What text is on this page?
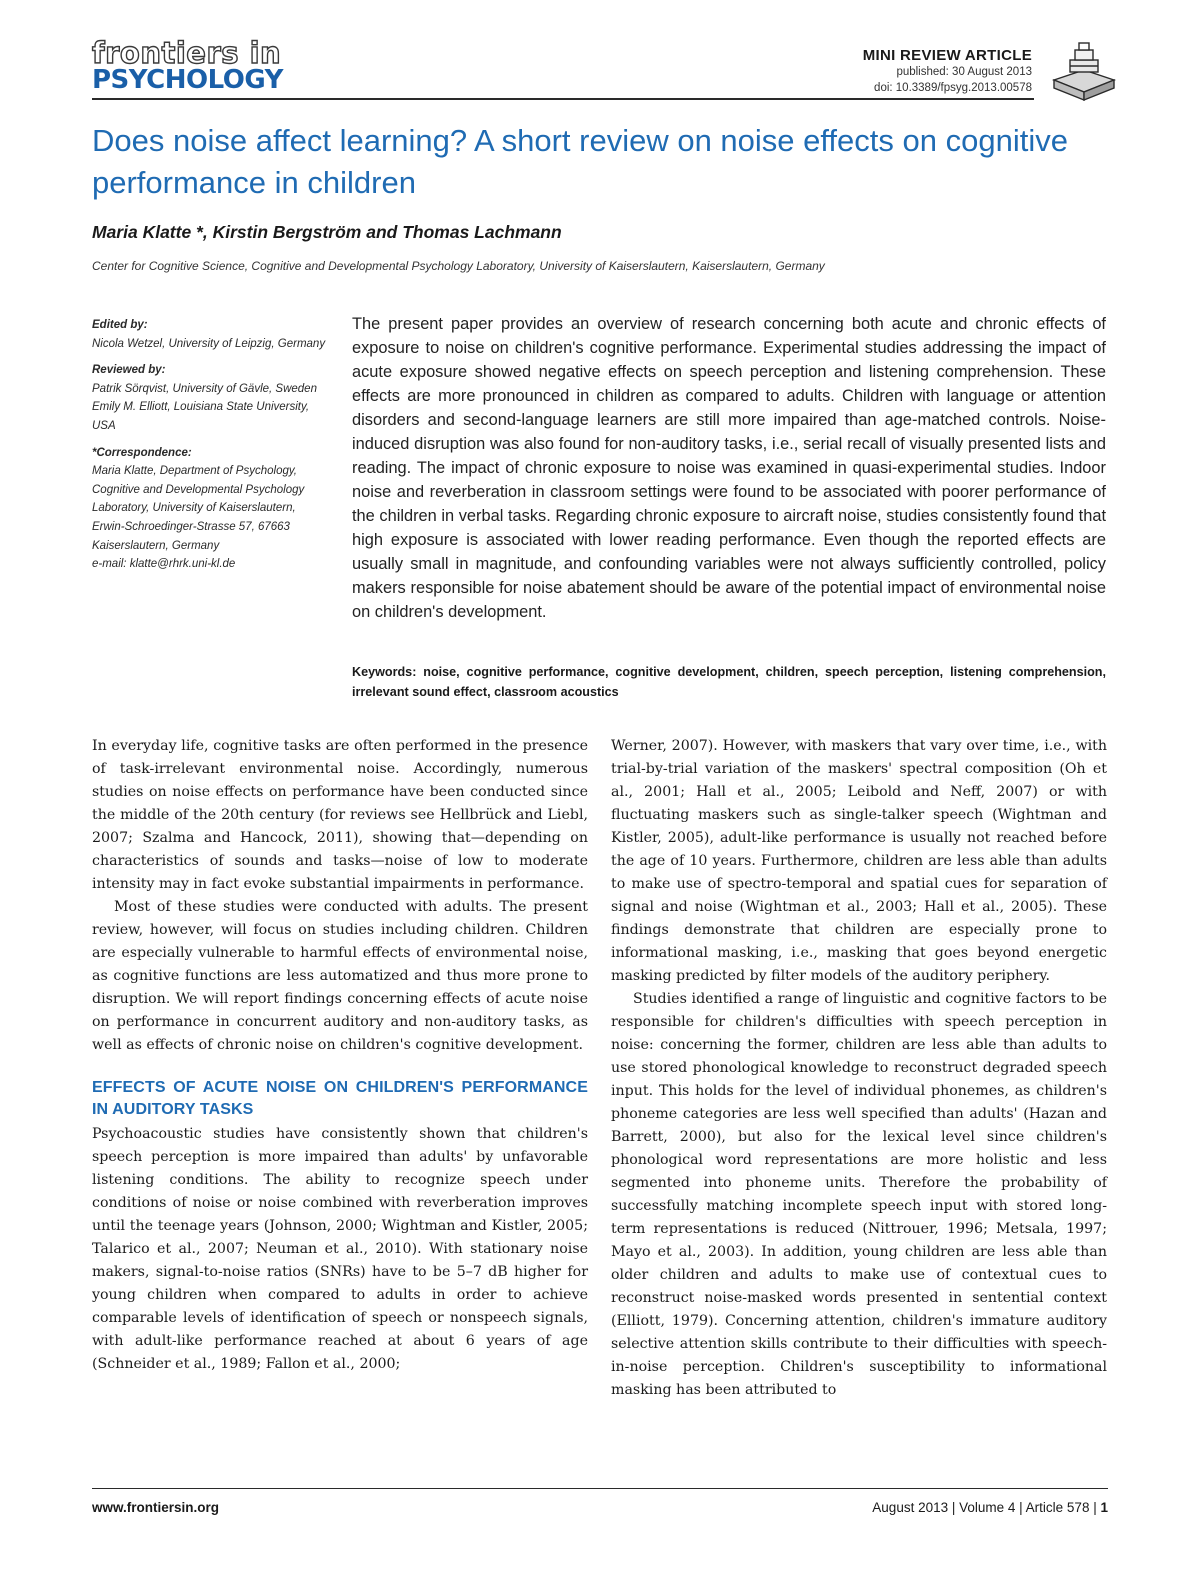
frontiers in
PSYCHOLOGY
MINI REVIEW ARTICLE
published: 30 August 2013
doi: 10.3389/fpsyg.2013.00578
Does noise affect learning? A short review on noise effects on cognitive performance in children
Maria Klatte *, Kirstin Bergström and Thomas Lachmann
Center for Cognitive Science, Cognitive and Developmental Psychology Laboratory, University of Kaiserslautern, Kaiserslautern, Germany
Edited by:
Nicola Wetzel, University of Leipzig, Germany
Reviewed by:
Patrik Sörqvist, University of Gävle, Sweden
Emily M. Elliott, Louisiana State University, USA
*Correspondence:
Maria Klatte, Department of Psychology, Cognitive and Developmental Psychology Laboratory, University of Kaiserslautern, Erwin-Schroedinger-Strasse 57, 67663 Kaiserslautern, Germany
e-mail: klatte@rhrk.uni-kl.de
The present paper provides an overview of research concerning both acute and chronic effects of exposure to noise on children's cognitive performance. Experimental studies addressing the impact of acute exposure showed negative effects on speech perception and listening comprehension. These effects are more pronounced in children as compared to adults. Children with language or attention disorders and second-language learners are still more impaired than age-matched controls. Noise-induced disruption was also found for non-auditory tasks, i.e., serial recall of visually presented lists and reading. The impact of chronic exposure to noise was examined in quasi-experimental studies. Indoor noise and reverberation in classroom settings were found to be associated with poorer performance of the children in verbal tasks. Regarding chronic exposure to aircraft noise, studies consistently found that high exposure is associated with lower reading performance. Even though the reported effects are usually small in magnitude, and confounding variables were not always sufficiently controlled, policy makers responsible for noise abatement should be aware of the potential impact of environmental noise on children's development.
Keywords: noise, cognitive performance, cognitive development, children, speech perception, listening comprehension, irrelevant sound effect, classroom acoustics

In everyday life, cognitive tasks are often performed in the presence of task-irrelevant environmental noise. Accordingly, numerous studies on noise effects on performance have been conducted since the middle of the 20th century (for reviews see Hellbrück and Liebl, 2007; Szalma and Hancock, 2011), showing that—depending on characteristics of sounds and tasks—noise of low to moderate intensity may in fact evoke substantial impairments in performance.

Most of these studies were conducted with adults. The present review, however, will focus on studies including children. Children are especially vulnerable to harmful effects of environmental noise, as cognitive functions are less automatized and thus more prone to disruption. We will report findings concerning effects of acute noise on performance in concurrent auditory and non-auditory tasks, as well as effects of chronic noise on children's cognitive development.

EFFECTS OF ACUTE NOISE ON CHILDREN'S PERFORMANCE IN AUDITORY TASKS

Psychoacoustic studies have consistently shown that children's speech perception is more impaired than adults' by unfavorable listening conditions. The ability to recognize speech under conditions of noise or noise combined with reverberation improves until the teenage years (Johnson, 2000; Wightman and Kistler, 2005; Talarico et al., 2007; Neuman et al., 2010). With stationary noise makers, signal-to-noise ratios (SNRs) have to be 5–7 dB higher for young children when compared to adults in order to achieve comparable levels of identification of speech or nonspeech signals, with adult-like performance reached at about 6 years of age (Schneider et al., 1989; Fallon et al., 2000;

Werner, 2007). However, with maskers that vary over time, i.e., with trial-by-trial variation of the maskers' spectral composition (Oh et al., 2001; Hall et al., 2005; Leibold and Neff, 2007) or with fluctuating maskers such as single-talker speech (Wightman and Kistler, 2005), adult-like performance is usually not reached before the age of 10 years. Furthermore, children are less able than adults to make use of spectro-temporal and spatial cues for separation of signal and noise (Wightman et al., 2003; Hall et al., 2005). These findings demonstrate that children are especially prone to informational masking, i.e., masking that goes beyond energetic masking predicted by filter models of the auditory periphery.

Studies identified a range of linguistic and cognitive factors to be responsible for children's difficulties with speech perception in noise: concerning the former, children are less able than adults to use stored phonological knowledge to reconstruct degraded speech input. This holds for the level of individual phonemes, as children's phoneme categories are less well specified than adults' (Hazan and Barrett, 2000), but also for the lexical level since children's phonological word representations are more holistic and less segmented into phoneme units. Therefore the probability of successfully matching incomplete speech input with stored long-term representations is reduced (Nittrouer, 1996; Metsala, 1997; Mayo et al., 2003). In addition, young children are less able than older children and adults to make use of contextual cues to reconstruct noise-masked words presented in sentential context (Elliott, 1979). Concerning attention, children's immature auditory selective attention skills contribute to their difficulties with speech-in-noise perception. Children's susceptibility to informational masking has been attributed to

www.frontiersin.org	August 2013 | Volume 4 | Article 578 | 1
